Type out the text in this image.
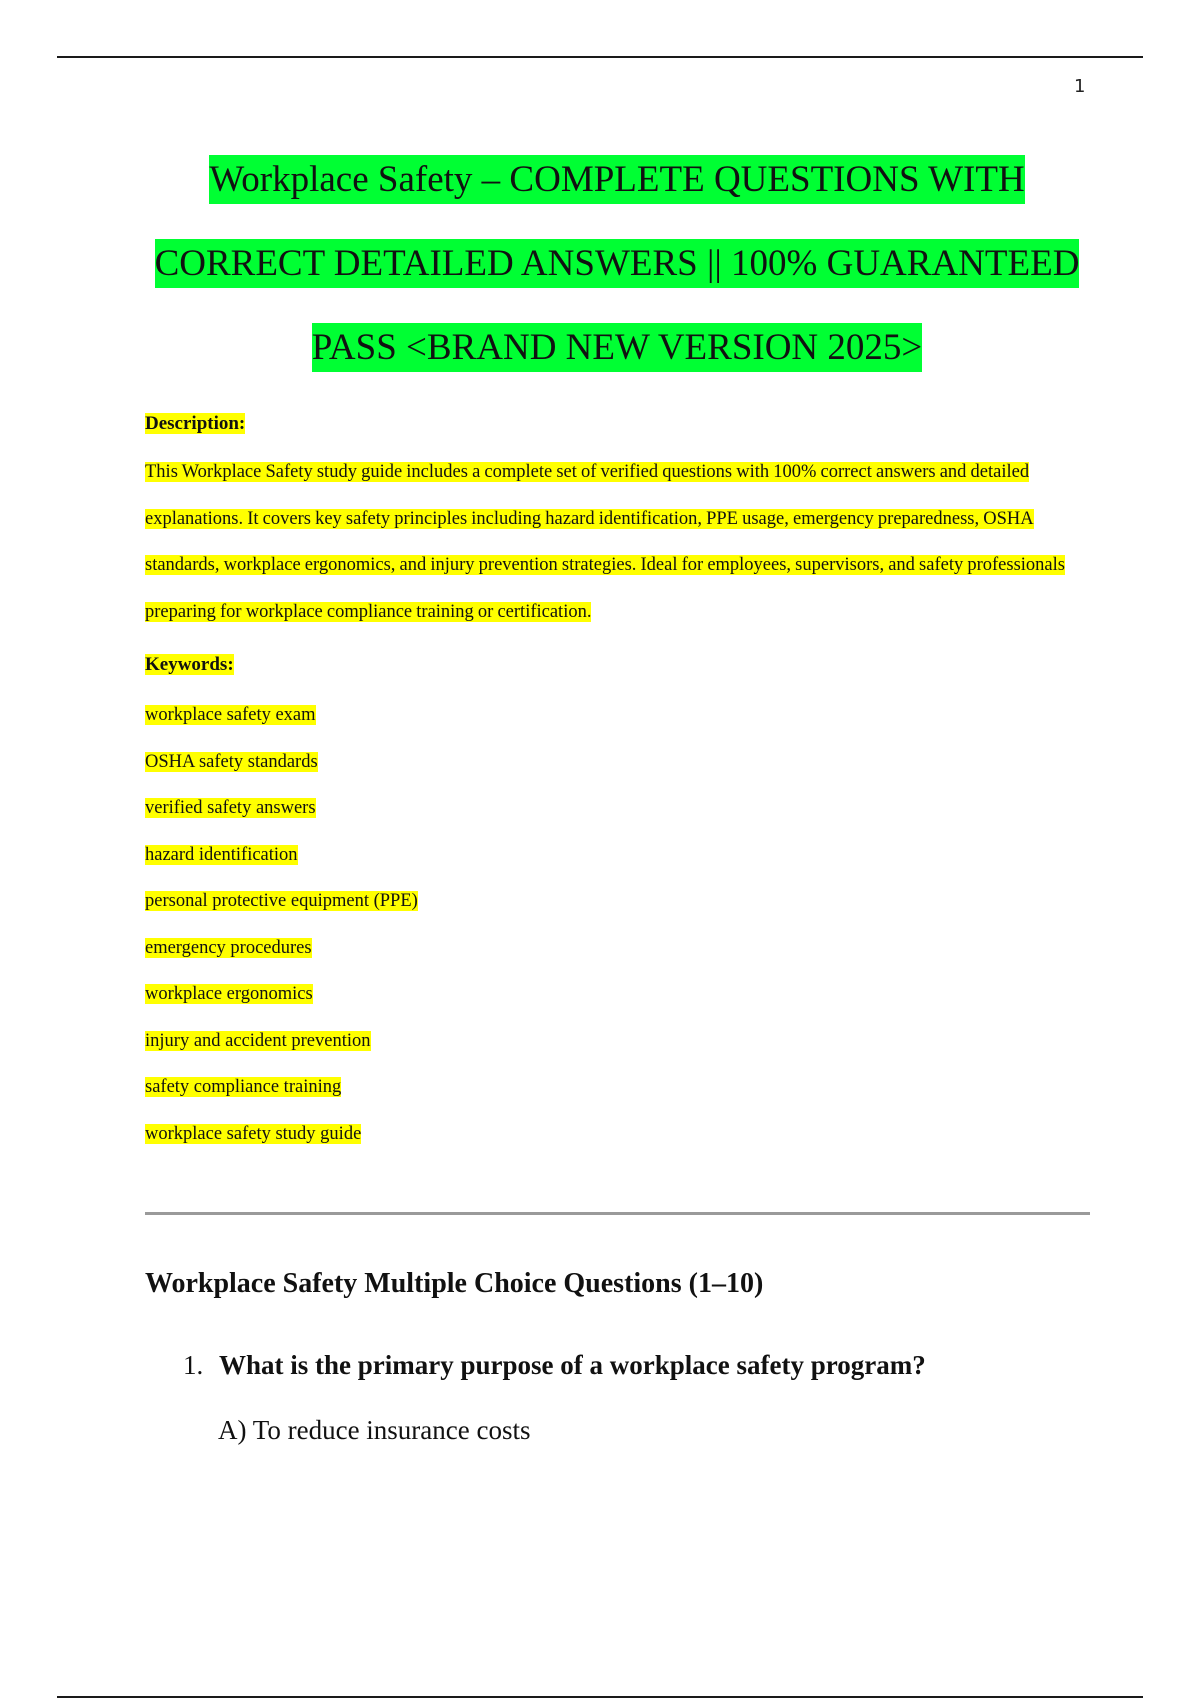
1
Workplace Safety – COMPLETE QUESTIONS WITH
CORRECT DETAILED ANSWERS || 100% GUARANTEED
PASS <BRAND NEW VERSION 2025>

Description:

This Workplace Safety study guide includes a complete set of verified questions with 100% correct answers and detailed explanations. It covers key safety principles including hazard identification, PPE usage, emergency preparedness, OSHA standards, workplace ergonomics, and injury prevention strategies. Ideal for employees, supervisors, and safety professionals preparing for workplace compliance training or certification.

Keywords:

workplace safety exam
OSHA safety standards
verified safety answers
hazard identification
personal protective equipment (PPE)
emergency procedures
workplace ergonomics
injury and accident prevention
safety compliance training
workplace safety study guide
Workplace Safety Multiple Choice Questions (1–10)

1. What is the primary purpose of a workplace safety program?

A) To reduce insurance costs
